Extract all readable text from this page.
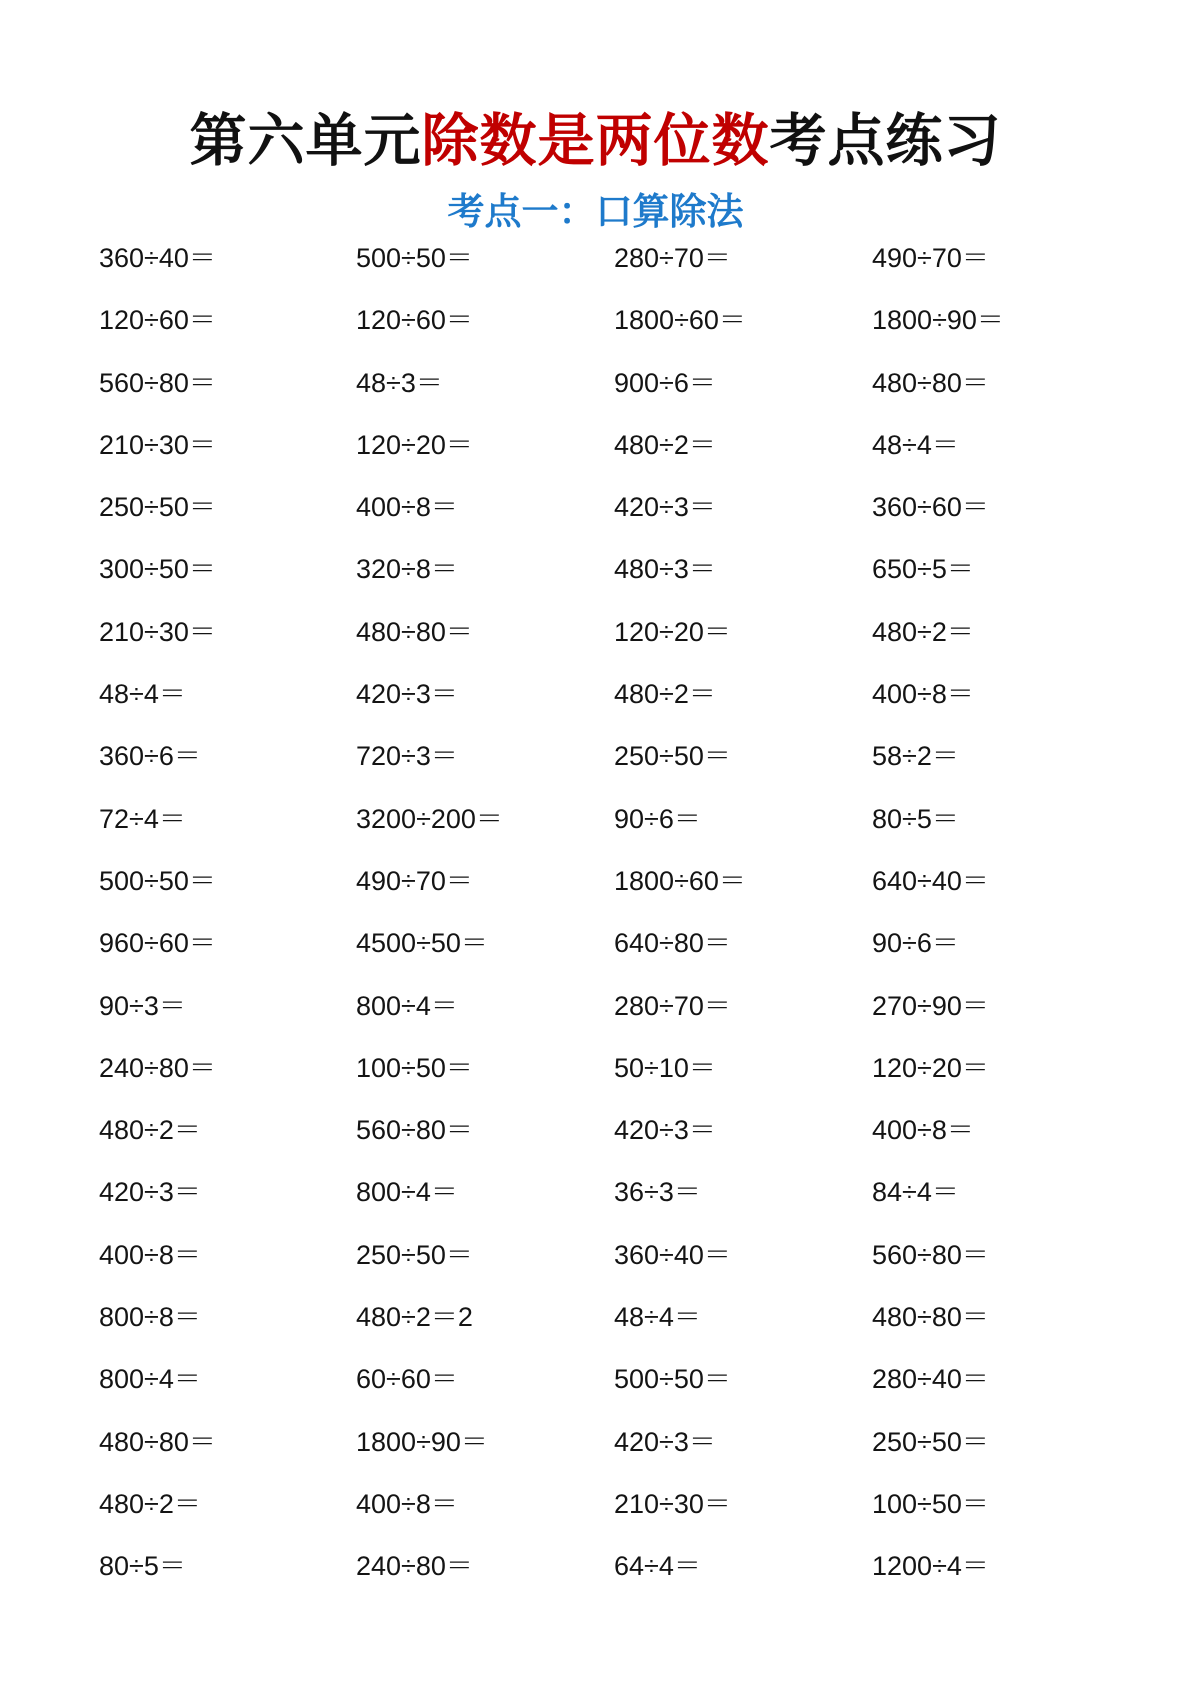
第六单元除数是两位数考点练习
考点一：口算除法
360÷40＝	500÷50＝	280÷70＝	490÷70＝
120÷60＝	120÷60＝	1800÷60＝	1800÷90＝
560÷80＝	48÷3＝	900÷6＝	480÷80＝
210÷30＝	120÷20＝	480÷2＝	48÷4＝
250÷50＝	400÷8＝	420÷3＝	360÷60＝
300÷50＝	320÷8＝	480÷3＝	650÷5＝
210÷30＝	480÷80＝	120÷20＝	480÷2＝
48÷4＝	420÷3＝	480÷2＝	400÷8＝
360÷6＝	720÷3＝	250÷50＝	58÷2＝
72÷4＝	3200÷200＝	90÷6＝	80÷5＝
500÷50＝	490÷70＝	1800÷60＝	640÷40＝
960÷60＝	4500÷50＝	640÷80＝	90÷6＝
90÷3＝	800÷4＝	280÷70＝	270÷90＝
240÷80＝	100÷50＝	50÷10＝	120÷20＝
480÷2＝	560÷80＝	420÷3＝	400÷8＝
420÷3＝	800÷4＝	36÷3＝	84÷4＝
400÷8＝	250÷50＝	360÷40＝	560÷80＝
800÷8＝	480÷2＝2	48÷4＝	480÷80＝
800÷4＝	60÷60＝	500÷50＝	280÷40＝
480÷80＝	1800÷90＝	420÷3＝	250÷50＝
480÷2＝	400÷8＝	210÷30＝	100÷50＝
80÷5＝	240÷80＝	64÷4＝	1200÷4＝
